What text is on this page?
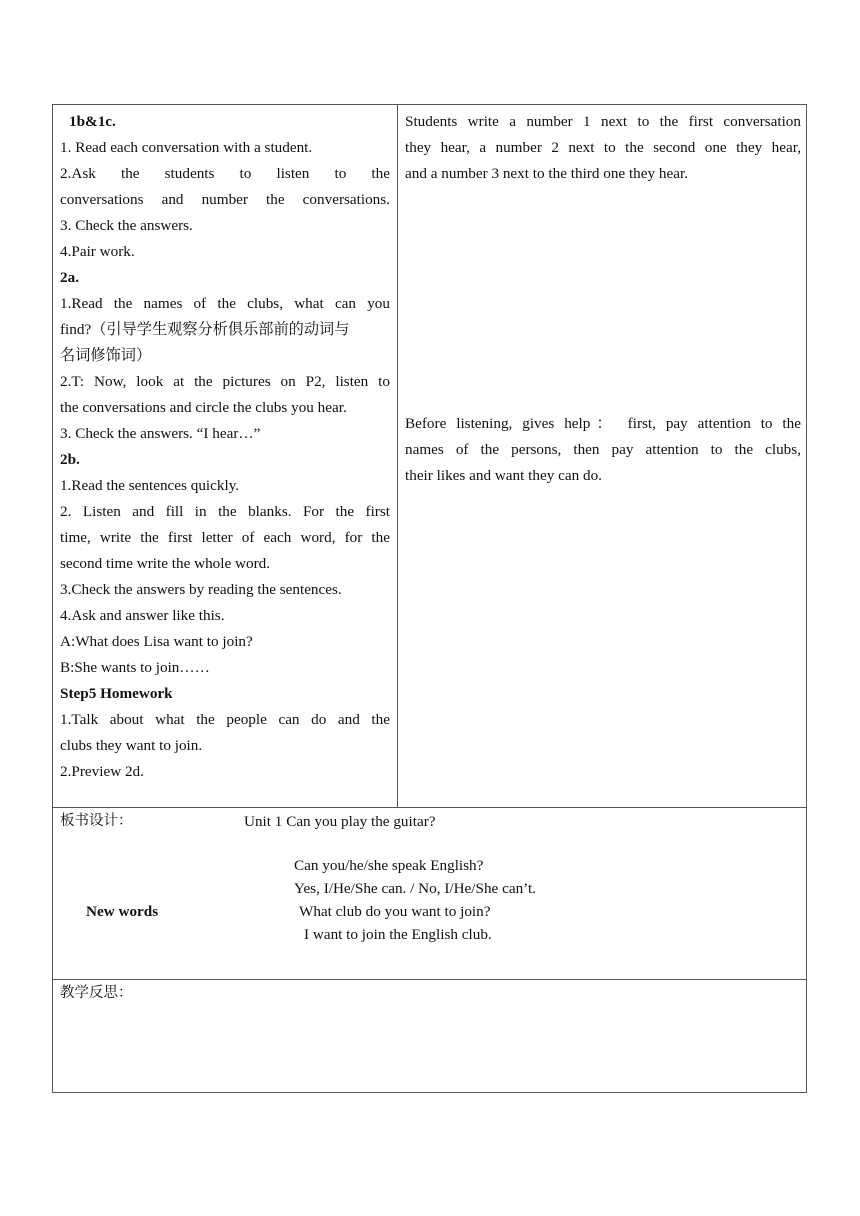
1b&1c.
1. Read each conversation with a student.
2.Ask the students to listen to the
conversations and number the conversations.
3. Check the answers.
4.Pair work.
2a.
1.Read the names of the clubs, what can you
find?（引导学生观察分析俱乐部前的动词与
名词修饰词）
2.T: Now, look at the pictures on P2, listen to
the conversations and circle the clubs you hear.
3. Check the answers. “I hear…”
2b.
1.Read the sentences quickly.
2. Listen and fill in the blanks. For the first
time, write the first letter of each word, for the
second time write the whole word.
3.Check the answers by reading the sentences.
4.Ask and answer like this.
A:What does Lisa want to join?
B:She wants to join……
Step5 Homework
1.Talk about what the people can do and the
clubs they want to join.
2.Preview 2d.
Students write a number 1 next to the first conversation
they hear, a number 2 next to the second one they hear,
and a number 3 next to the third one they hear.
Before listening, gives help： first, pay attention to the
names of the persons, then pay attention to the clubs,
their likes and want they can do.
板书设计：	Unit 1 Can you play the guitar?
Can you/he/she speak English?
Yes, I/He/She can. / No, I/He/She can’t.
What club do you want to join?
I want to join the English club.
New words
教学反思：
